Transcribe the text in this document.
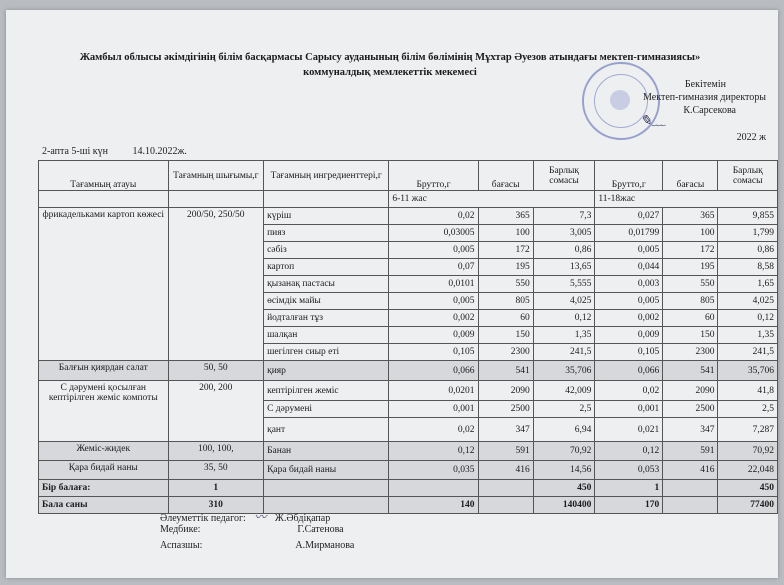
Жамбыл облысы әкімдігінің білім басқармасы Сарысу ауданының білім бөлімінің Мұхтар Әуезов атындағы мектеп-гимназиясы»
коммуналдық мемлекеттік мекемесі
Бекітемін
Мектеп-гимназия директоры
К.Сарсекова
2022 ж
✎﹏
2-апта 5-ші күн 14.10.2022ж.
Тағамның атауы	Тағамның шығымы,г	Тағамның ингредиенттері,г	Брутто,г	бағасы	Барлық сомасы	Брутто,г	бағасы	Барлық сомасы
			6-11 жас			11-18жас		
фрикадельками картоп көжесі	200/50, 250/50	күріш	0,02	365	7,3	0,027	365	9,855
		пияз	0,03005	100	3,005	0,01799	100	1,799
		сәбіз	0,005	172	0,86	0,005	172	0,86
		картоп	0,07	195	13,65	0,044	195	8,58
		қызанақ пастасы	0,0101	550	5,555	0,003	550	1,65
		өсімдік майы	0,005	805	4,025	0,005	805	4,025
		йодталған тұз	0,002	60	0,12	0,002	60	0,12
		шалқан	0,009	150	1,35	0,009	150	1,35
		шегілген сиыр еті	0,105	2300	241,5	0,105	2300	241,5
Балғын қиярдан салат	50, 50	қияр	0,066	541	35,706	0,066	541	35,706
С дәрумені қосылған кептірілген жеміс компоты	200, 200	кептірілген жеміс	0,0201	2090	42,009	0,02	2090	41,8
		С дәрумені	0,001	2500	2,5	0,001	2500	2,5
		қант	0,02	347	6,94	0,021	347	7,287
Жеміс-жидек	100, 100,	Банан	0,12	591	70,92	0,12	591	70,92
Қара бидай наны	35, 50	Қара бидай наны	0,035	416	14,56	0,053	416	22,048
Бір балаға:	1				450	1		450
Бала саны	310		140		140400	170		77400
Әлеуметтік педагог: 〰 Ж.Әбдіқапар
Медбике:	Г.Сатенова
Аспазшы:	А.Мирманова
